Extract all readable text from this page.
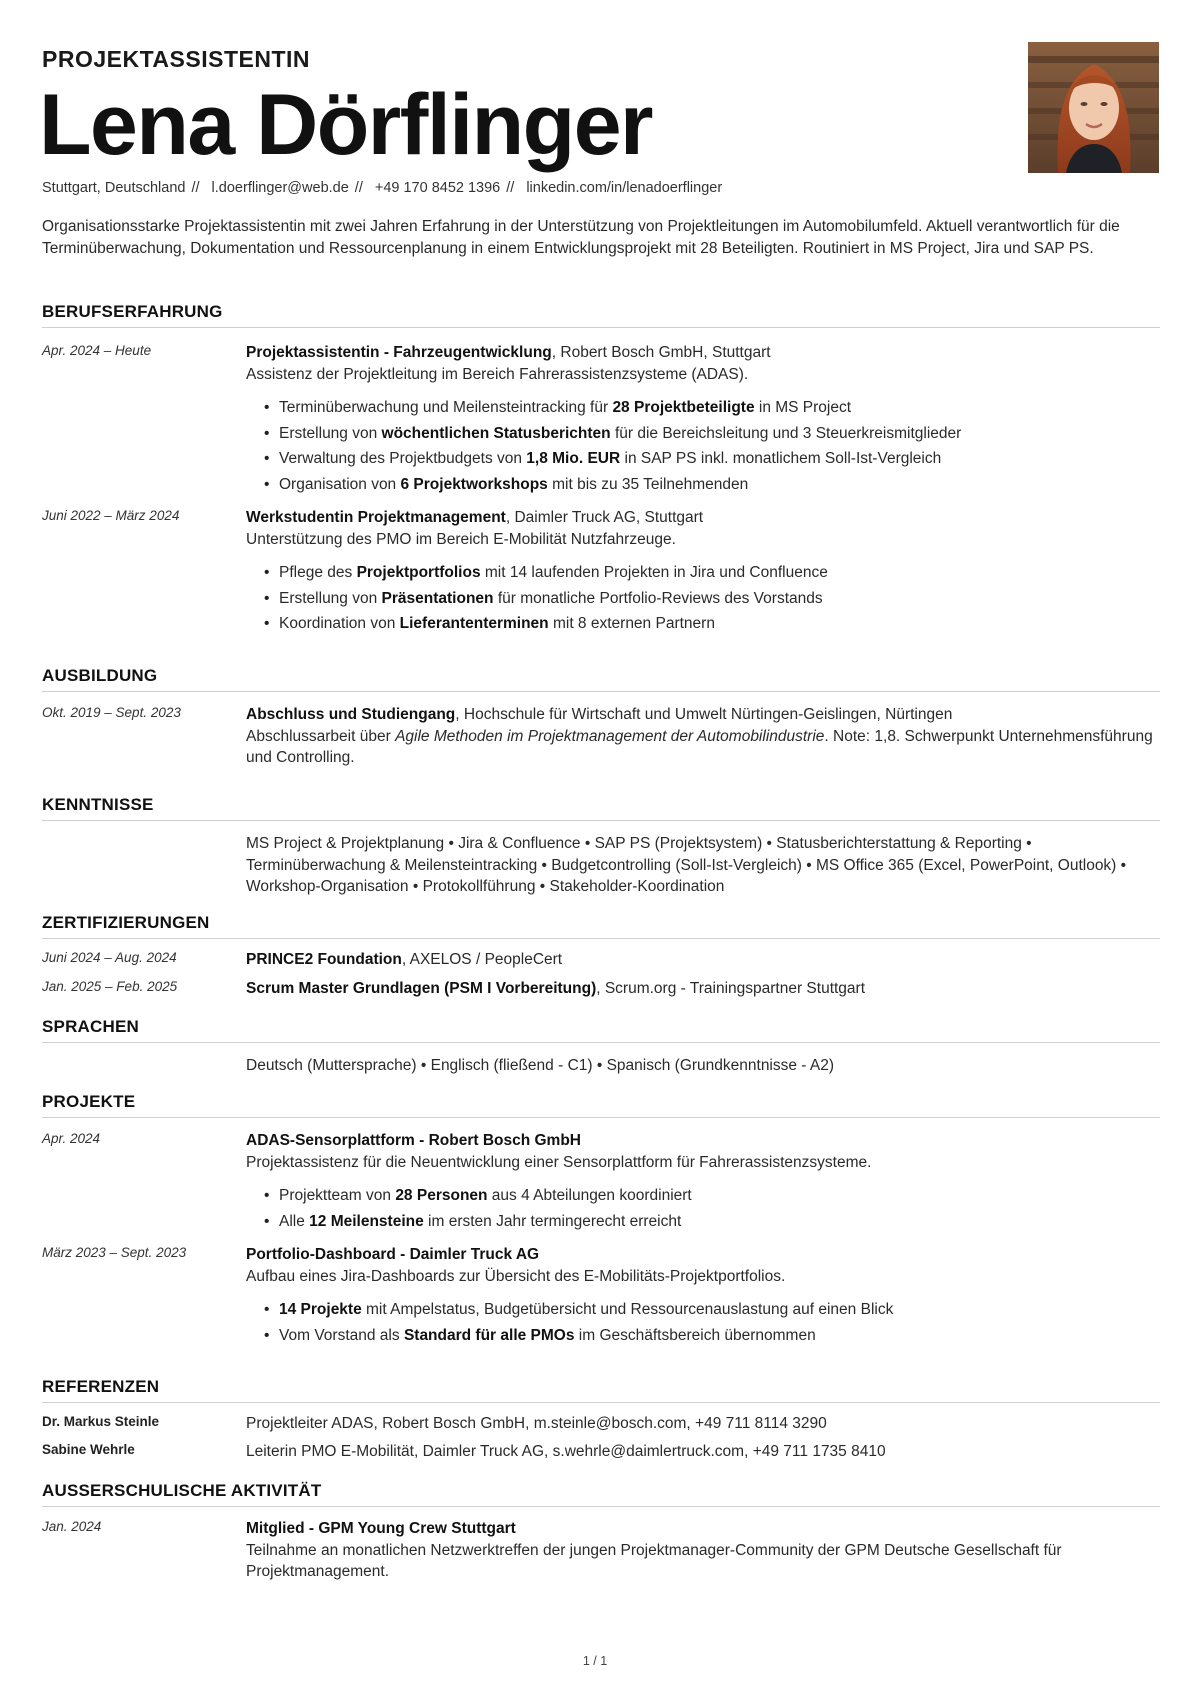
PROJEKTASSISTENTIN
Lena Dörflinger
Stuttgart, Deutschland // l.doerflinger@web.de // +49 170 8452 1396 // linkedin.com/in/lenadoerflinger
Organisationsstarke Projektassistentin mit zwei Jahren Erfahrung in der Unterstützung von Projektleitungen im Automobilumfeld. Aktuell verantwortlich für die Terminüberwachung, Dokumentation und Ressourcenplanung in einem Entwicklungsprojekt mit 28 Beteiligten. Routiniert in MS Project, Jira und SAP PS.
BERUFSERFAHRUNG
Apr. 2024 – Heute	Projektassistentin - Fahrzeugentwicklung, Robert Bosch GmbH, Stuttgart
Assistenz der Projektleitung im Bereich Fahrerassistenzsysteme (ADAS).
• Terminüberwachung und Meilensteintracking für 28 Projektbeteiligte in MS Project
• Erstellung von wöchentlichen Statusberichten für die Bereichsleitung und 3 Steuerkreismitglieder
• Verwaltung des Projektbudgets von 1,8 Mio. EUR in SAP PS inkl. monatlichem Soll-Ist-Vergleich
• Organisation von 6 Projektworkshops mit bis zu 35 Teilnehmenden
Juni 2022 – März 2024	Werkstudentin Projektmanagement, Daimler Truck AG, Stuttgart
Unterstützung des PMO im Bereich E-Mobilität Nutzfahrzeuge.
• Pflege des Projektportfolios mit 14 laufenden Projekten in Jira und Confluence
• Erstellung von Präsentationen für monatliche Portfolio-Reviews des Vorstands
• Koordination von Lieferantenterminen mit 8 externen Partnern
AUSBILDUNG
Okt. 2019 – Sept. 2023	Abschluss und Studiengang, Hochschule für Wirtschaft und Umwelt Nürtingen-Geislingen, Nürtingen
Abschlussarbeit über Agile Methoden im Projektmanagement der Automobilindustrie. Note: 1,8. Schwerpunkt Unternehmensführung und Controlling.
KENNTNISSE
MS Project & Projektplanung • Jira & Confluence • SAP PS (Projektsystem) • Statusberichterstattung & Reporting • Terminüberwachung & Meilensteintracking • Budgetcontrolling (Soll-Ist-Vergleich) • MS Office 365 (Excel, PowerPoint, Outlook) • Workshop-Organisation • Protokollführung • Stakeholder-Koordination
ZERTIFIZIERUNGEN
Juni 2024 – Aug. 2024	PRINCE2 Foundation, AXELOS / PeopleCert
Jan. 2025 – Feb. 2025	Scrum Master Grundlagen (PSM I Vorbereitung), Scrum.org - Trainingspartner Stuttgart
SPRACHEN
Deutsch (Muttersprache) • Englisch (fließend - C1) • Spanisch (Grundkenntnisse - A2)
PROJEKTE
Apr. 2024	ADAS-Sensorplattform - Robert Bosch GmbH
Projektassistenz für die Neuentwicklung einer Sensorplattform für Fahrerassistenzsysteme.
• Projektteam von 28 Personen aus 4 Abteilungen koordiniert
• Alle 12 Meilensteine im ersten Jahr termingerecht erreicht
März 2023 – Sept. 2023	Portfolio-Dashboard - Daimler Truck AG
Aufbau eines Jira-Dashboards zur Übersicht des E-Mobilitäts-Projektportfolios.
• 14 Projekte mit Ampelstatus, Budgetübersicht und Ressourcenauslastung auf einen Blick
• Vom Vorstand als Standard für alle PMOs im Geschäftsbereich übernommen
REFERENZEN
Dr. Markus Steinle	Projektleiter ADAS, Robert Bosch GmbH, m.steinle@bosch.com, +49 711 8114 3290
Sabine Wehrle	Leiterin PMO E-Mobilität, Daimler Truck AG, s.wehrle@daimlertruck.com, +49 711 1735 8410
AUSSERSCHULISCHE AKTIVITÄT
Jan. 2024	Mitglied - GPM Young Crew Stuttgart
Teilnahme an monatlichen Netzwerktreffen der jungen Projektmanager-Community der GPM Deutsche Gesellschaft für Projektmanagement.
1 / 1
